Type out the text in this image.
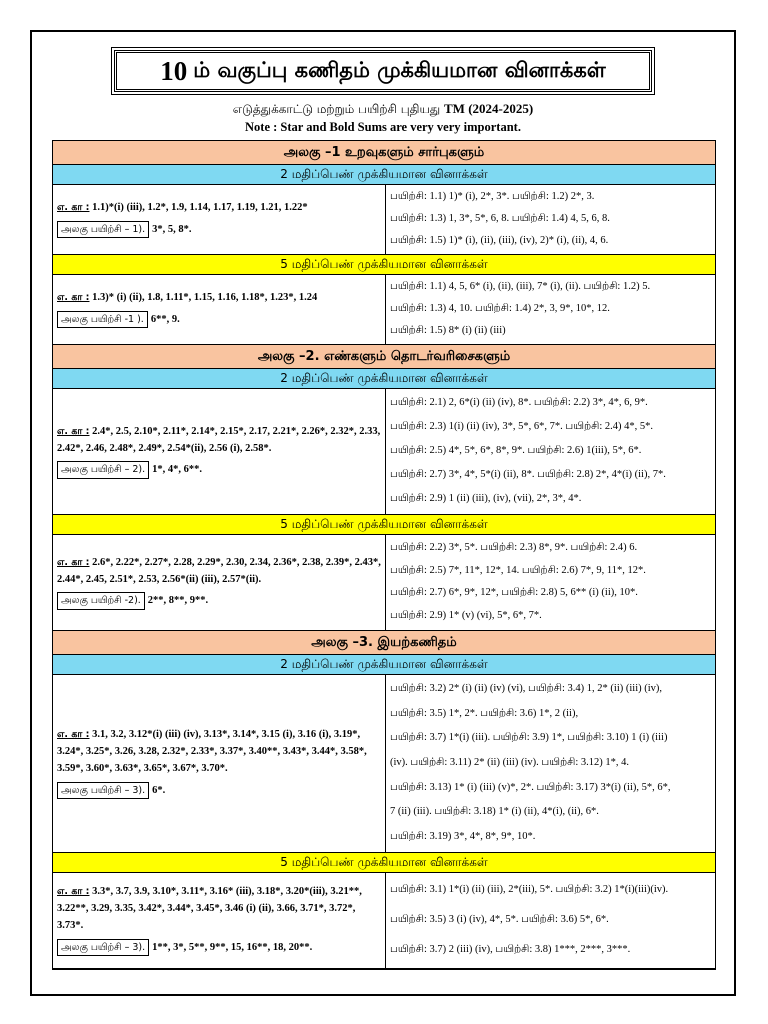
10 ம் வகுப்பு கணிதம் முக்கியமான வினாக்கள்
எடுத்துக்காட்டு மற்றும் பயிற்சி புதியது TM (2024-2025)
Note : Star and Bold Sums are very very important.
அலகு –1 உறவுகளும் சார்புகளும்
2 மதிப்பெண் முக்கியமான வினாக்கள்
எ. கா : 1.1)*(i) (iii), 1.2*, 1.9, 1.14, 1.17, 1.19, 1.21, 1.22*
அலகு பயிற்சி – 1). 3*, 5, 8*.
பயிற்சி: 1.1) 1)* (i), 2*, 3*. பயிற்சி: 1.2) 2*, 3.
பயிற்சி: 1.3) 1, 3*, 5*, 6, 8. பயிற்சி: 1.4) 4, 5, 6, 8.
பயிற்சி: 1.5) 1)* (i), (ii), (iii), (iv), 2)* (i), (ii), 4, 6.
5 மதிப்பெண் முக்கியமான வினாக்கள்
எ. கா : 1.3)* (i) (ii), 1.8, 1.11*, 1.15, 1.16, 1.18*, 1.23*, 1.24
அலகு பயிற்சி -1 ). 6**, 9.
பயிற்சி: 1.1) 4, 5, 6* (i), (ii), (iii), 7* (i), (ii). பயிற்சி: 1.2) 5.
பயிற்சி: 1.3) 4, 10. பயிற்சி: 1.4) 2*, 3, 9*, 10*, 12.
பயிற்சி: 1.5) 8* (i) (ii) (iii)
அலகு –2. எண்களும் தொடர்வரிசைகளும்
2 மதிப்பெண் முக்கியமான வினாக்கள்
எ. கா : 2.4*, 2.5, 2.10*, 2.11*, 2.14*, 2.15*, 2.17, 2.21*, 2.26*, 2.32*, 2.33, 2.42*, 2.46, 2.48*, 2.49*, 2.54*(ii), 2.56 (i), 2.58*.
அலகு பயிற்சி – 2). 1*, 4*, 6**.
பயிற்சி: 2.1) 2, 6*(i) (ii) (iv), 8*. பயிற்சி: 2.2) 3*, 4*, 6, 9*.
பயிற்சி: 2.3) 1(i) (ii) (iv), 3*, 5*, 6*, 7*. பயிற்சி: 2.4) 4*, 5*.
பயிற்சி: 2.5) 4*, 5*, 6*, 8*, 9*. பயிற்சி: 2.6) 1(iii), 5*, 6*.
பயிற்சி: 2.7) 3*, 4*, 5*(i) (ii), 8*. பயிற்சி: 2.8) 2*, 4*(i) (ii), 7*.
பயிற்சி: 2.9) 1 (ii) (iii), (iv), (vii), 2*, 3*, 4*.
5 மதிப்பெண் முக்கியமான வினாக்கள்
எ. கா : 2.6*, 2.22*, 2.27*, 2.28, 2.29*, 2.30, 2.34, 2.36*, 2.38, 2.39*, 2.43*, 2.44*, 2.45, 2.51*, 2.53, 2.56*(ii) (iii), 2.57*(ii).
அலகு பயிற்சி -2). 2**, 8**, 9**.
பயிற்சி: 2.2) 3*, 5*. பயிற்சி: 2.3) 8*, 9*. பயிற்சி: 2.4) 6.
பயிற்சி: 2.5) 7*, 11*, 12*, 14. பயிற்சி: 2.6) 7*, 9, 11*, 12*.
பயிற்சி: 2.7) 6*, 9*, 12*, பயிற்சி: 2.8) 5, 6** (i) (ii), 10*.
பயிற்சி: 2.9) 1* (v) (vi), 5*, 6*, 7*.
அலகு –3. இயற்கணிதம்
2 மதிப்பெண் முக்கியமான வினாக்கள்
எ. கா : 3.1, 3.2, 3.12*(i) (iii) (iv), 3.13*, 3.14*, 3.15 (i), 3.16 (i), 3.19*, 3.24*, 3.25*, 3.26, 3.28, 2.32*, 2.33*, 3.37*, 3.40**, 3.43*, 3.44*, 3.58*, 3.59*, 3.60*, 3.63*, 3.65*, 3.67*, 3.70*.
அலகு பயிற்சி – 3). 6*.
பயிற்சி: 3.2) 2* (i) (ii) (iv) (vi), பயிற்சி: 3.4) 1, 2* (ii) (iii) (iv),
பயிற்சி: 3.5) 1*, 2*. பயிற்சி: 3.6) 1*, 2 (ii),
பயிற்சி: 3.7) 1*(i) (iii). பயிற்சி: 3.9) 1*, பயிற்சி: 3.10) 1 (i) (iii)
(iv). பயிற்சி: 3.11) 2* (ii) (iii) (iv). பயிற்சி: 3.12) 1*, 4.
பயிற்சி: 3.13) 1* (i) (iii) (v)*, 2*. பயிற்சி: 3.17) 3*(i) (ii), 5*, 6*,
7 (ii) (iii). பயிற்சி: 3.18) 1* (i) (ii), 4*(i), (ii), 6*.
பயிற்சி: 3.19) 3*, 4*, 8*, 9*, 10*.
5 மதிப்பெண் முக்கியமான வினாக்கள்
எ. கா : 3.3*, 3.7, 3.9, 3.10*, 3.11*, 3.16* (iii), 3.18*, 3.20*(iii), 3.21**, 3.22**, 3.29, 3.35, 3.42*, 3.44*, 3.45*, 3.46 (i) (ii), 3.66, 3.71*, 3.72*, 3.73*.
அலகு பயிற்சி – 3). 1**, 3*, 5**, 9**, 15, 16**, 18, 20**.
பயிற்சி: 3.1) 1*(i) (ii) (iii), 2*(iii), 5*. பயிற்சி: 3.2) 1*(i)(iii)(iv).
பயிற்சி: 3.5) 3 (i) (iv), 4*, 5*. பயிற்சி: 3.6) 5*, 6*.
பயிற்சி: 3.7) 2 (iii) (iv), பயிற்சி: 3.8) 1***, 2***, 3***.
